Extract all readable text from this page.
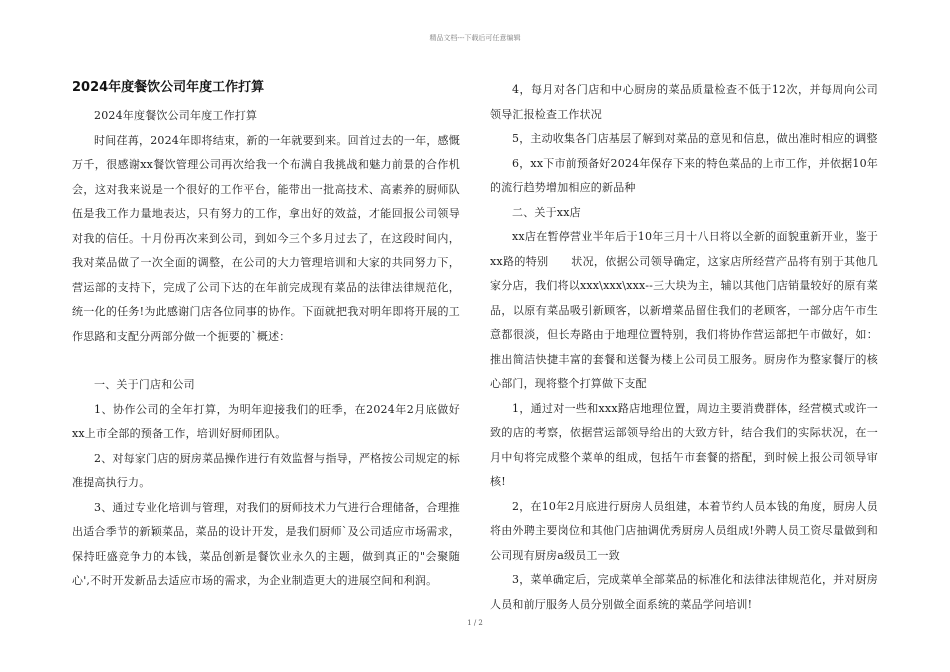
精品文档---下载后可任意编辑
2024年度餐饮公司年度工作打算

2024年度餐饮公司年度工作打算

时间荏苒，2024年即将结束，新的一年就要到来。回首过去的一年，感慨万千，很感谢xx餐饮管理公司再次给我一个布满自我挑战和魅力前景的合作机会，这对我来说是一个很好的工作平台，能带出一批高技术、高素养的厨师队伍是我工作力量地表达，只有努力的工作，拿出好的效益，才能回报公司领导对我的信任。十月份再次来到公司，到如今三个多月过去了，在这段时间内，我对菜品做了一次全面的调整，在公司的大力管理培训和大家的共同努力下，营运部的支持下，完成了公司下达的在年前完成现有菜品的法律法律规范化，统一化的任务!为此感谢门店各位同事的协作。下面就把我对明年即将开展的工作思路和支配分两部分做一个扼要的`概述：

一、关于门店和公司

1、协作公司的全年打算，为明年迎接我们的旺季，在2024年2月底做好xx上市全部的预备工作，培训好厨师团队。

2、对每家门店的厨房菜品操作进行有效监督与指导，严格按公司规定的标准提高执行力。

3、通过专业化培训与管理，对我们的厨师技术力气进行合理储备，合理推出适合季节的新颖菜品，菜品的设计开发，是我们厨师`及公司适应市场需求，保持旺盛竞争力的本钱，菜品创新是餐饮业永久的主题，做到真正的"会聚随心',不时开发新品去适应市场的需求，为企业制造更大的进展空间和利润。

4，每月对各门店和中心厨房的菜品质量检查不低于12次，并每周向公司领导汇报检查工作状况

5，主动收集各门店基层了解到对菜品的意见和信息，做出准时相应的调整

6，xx下市前预备好2024年保存下来的特色菜品的上市工作，并依据10年的流行趋势增加相应的新品种

二、关于xx店

xx店在暂停营业半年后于10年三月十八日将以全新的面貌重新开业，鉴于xx路的特别　　状况，依据公司领导确定，这家店所经营产品将有别于其他几家分店，我们将以xxx\xxx\xxx--三大块为主，辅以其他门店销量较好的原有菜品，以原有菜品吸引新顾客，以新增菜品留住我们的老顾客，一部分店午市生意都很淡，但长寿路由于地理位置特别，我们将协作营运部把午市做好，如：推出简洁快捷丰富的套餐和送餐为楼上公司员工服务。厨房作为整家餐厅的核心部门，现将整个打算做下支配

1，通过对一些和xxx路店地理位置，周边主要消费群体，经营模式或许一致的店的考察，依据营运部领导给出的大致方针，结合我们的实际状况，在一月中旬将完成整个菜单的组成，包括午市套餐的搭配，到时候上报公司领导审核!

2，在10年2月底进行厨房人员组建，本着节约人员本钱的角度，厨房人员将由外聘主要岗位和其他门店抽调优秀厨房人员组成!外聘人员工资尽量做到和公司现有厨房a级员工一致

3，菜单确定后，完成菜单全部菜品的标准化和法律法律规范化，并对厨房人员和前厅服务人员分别做全面系统的菜品学问培训!

1 / 2
